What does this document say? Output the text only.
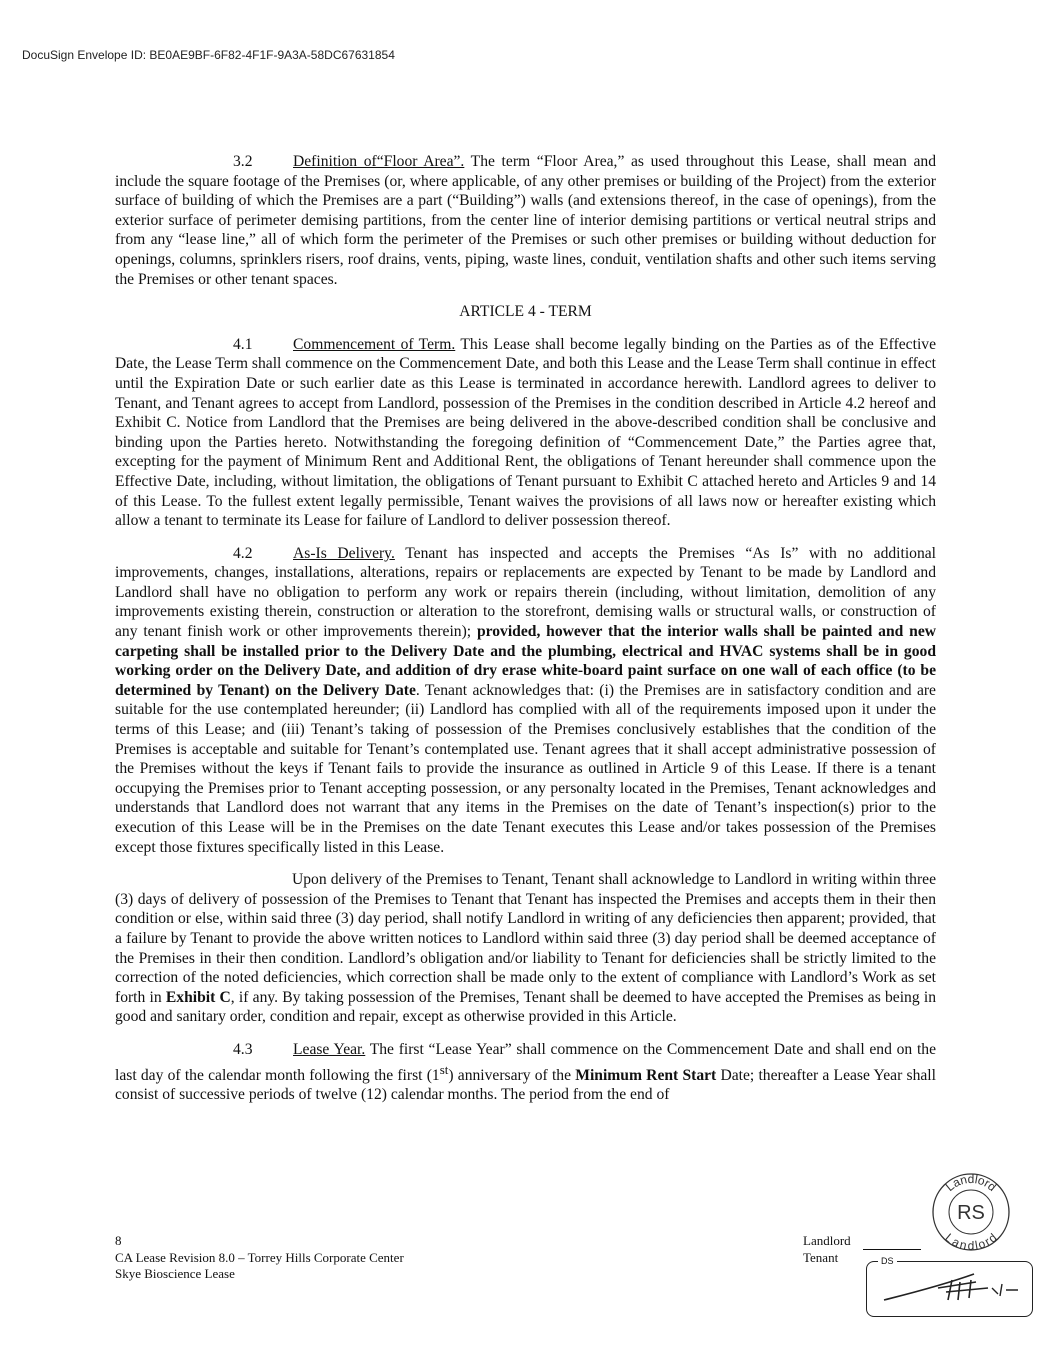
DocuSign Envelope ID: BE0AE9BF-6F82-4F1F-9A3A-58DC67631854

3.2	Definition of“Floor Area”. The term “Floor Area,” as used throughout this Lease, shall mean and include the square footage of the Premises (or, where applicable, of any other premises or building of the Project) from the exterior surface of building of which the Premises are a part (“Building”) walls (and extensions thereof, in the case of openings), from the exterior surface of perimeter demising partitions, from the center line of interior demising partitions or vertical neutral strips and from any “lease line,” all of which form the perimeter of the Premises or such other premises or building without deduction for openings, columns, sprinklers risers, roof drains, vents, piping, waste lines, conduit, ventilation shafts and other such items serving the Premises or other tenant spaces.

ARTICLE 4 - TERM

4.1	Commencement of Term. This Lease shall become legally binding on the Parties as of the Effective Date, the Lease Term shall commence on the Commencement Date, and both this Lease and the Lease Term shall continue in effect until the Expiration Date or such earlier date as this Lease is terminated in accordance herewith. Landlord agrees to deliver to Tenant, and Tenant agrees to accept from Landlord, possession of the Premises in the condition described in Article 4.2 hereof and Exhibit C. Notice from Landlord that the Premises are being delivered in the above-described condition shall be conclusive and binding upon the Parties hereto. Notwithstanding the foregoing definition of “Commencement Date,” the Parties agree that, excepting for the payment of Minimum Rent and Additional Rent, the obligations of Tenant hereunder shall commence upon the Effective Date, including, without limitation, the obligations of Tenant pursuant to Exhibit C attached hereto and Articles 9 and 14 of this Lease. To the fullest extent legally permissible, Tenant waives the provisions of all laws now or hereafter existing which allow a tenant to terminate its Lease for failure of Landlord to deliver possession thereof.

4.2	As-Is Delivery. Tenant has inspected and accepts the Premises “As Is” with no additional improvements, changes, installations, alterations, repairs or replacements are expected by Tenant to be made by Landlord and Landlord shall have no obligation to perform any work or repairs therein (including, without limitation, demolition of any improvements existing therein, construction or alteration to the storefront, demising walls or structural walls, or construction of any tenant finish work or other improvements therein); provided, however that the interior walls shall be painted and new carpeting shall be installed prior to the Delivery Date and the plumbing, electrical and HVAC systems shall be in good working order on the Delivery Date, and addition of dry erase white-board paint surface on one wall of each office (to be determined by Tenant) on the Delivery Date. Tenant acknowledges that: (i) the Premises are in satisfactory condition and are suitable for the use contemplated hereunder; (ii) Landlord has complied with all of the requirements imposed upon it under the terms of this Lease; and (iii) Tenant’s taking of possession of the Premises conclusively establishes that the condition of the Premises is acceptable and suitable for Tenant’s contemplated use. Tenant agrees that it shall accept administrative possession of the Premises without the keys if Tenant fails to provide the insurance as outlined in Article 9 of this Lease. If there is a tenant occupying the Premises prior to Tenant accepting possession, or any personalty located in the Premises, Tenant acknowledges and understands that Landlord does not warrant that any items in the Premises on the date of Tenant’s inspection(s) prior to the execution of this Lease will be in the Premises on the date Tenant executes this Lease and/or takes possession of the Premises except those fixtures specifically listed in this Lease.

Upon delivery of the Premises to Tenant, Tenant shall acknowledge to Landlord in writing within three (3) days of delivery of possession of the Premises to Tenant that Tenant has inspected the Premises and accepts them in their then condition or else, within said three (3) day period, shall notify Landlord in writing of any deficiencies then apparent; provided, that a failure by Tenant to provide the above written notices to Landlord within said three (3) day period shall be deemed acceptance of the Premises in their then condition. Landlord’s obligation and/or liability to Tenant for deficiencies shall be strictly limited to the correction of the noted deficiencies, which correction shall be made only to the extent of compliance with Landlord’s Work as set forth in Exhibit C, if any. By taking possession of the Premises, Tenant shall be deemed to have accepted the Premises as being in good and sanitary order, condition and repair, except as otherwise provided in this Article.

4.3	Lease Year. The first “Lease Year” shall commence on the Commencement Date and shall end on the last day of the calendar month following the first (1st) anniversary of the Minimum Rent Start Date; thereafter a Lease Year shall consist of successive periods of twelve (12) calendar months. The period from the end of

8
CA Lease Revision 8.0 – Torrey Hills Corporate Center
Skye Bioscience Lease
Landlord
Tenant
Landlord
Landlord
RS
DS
